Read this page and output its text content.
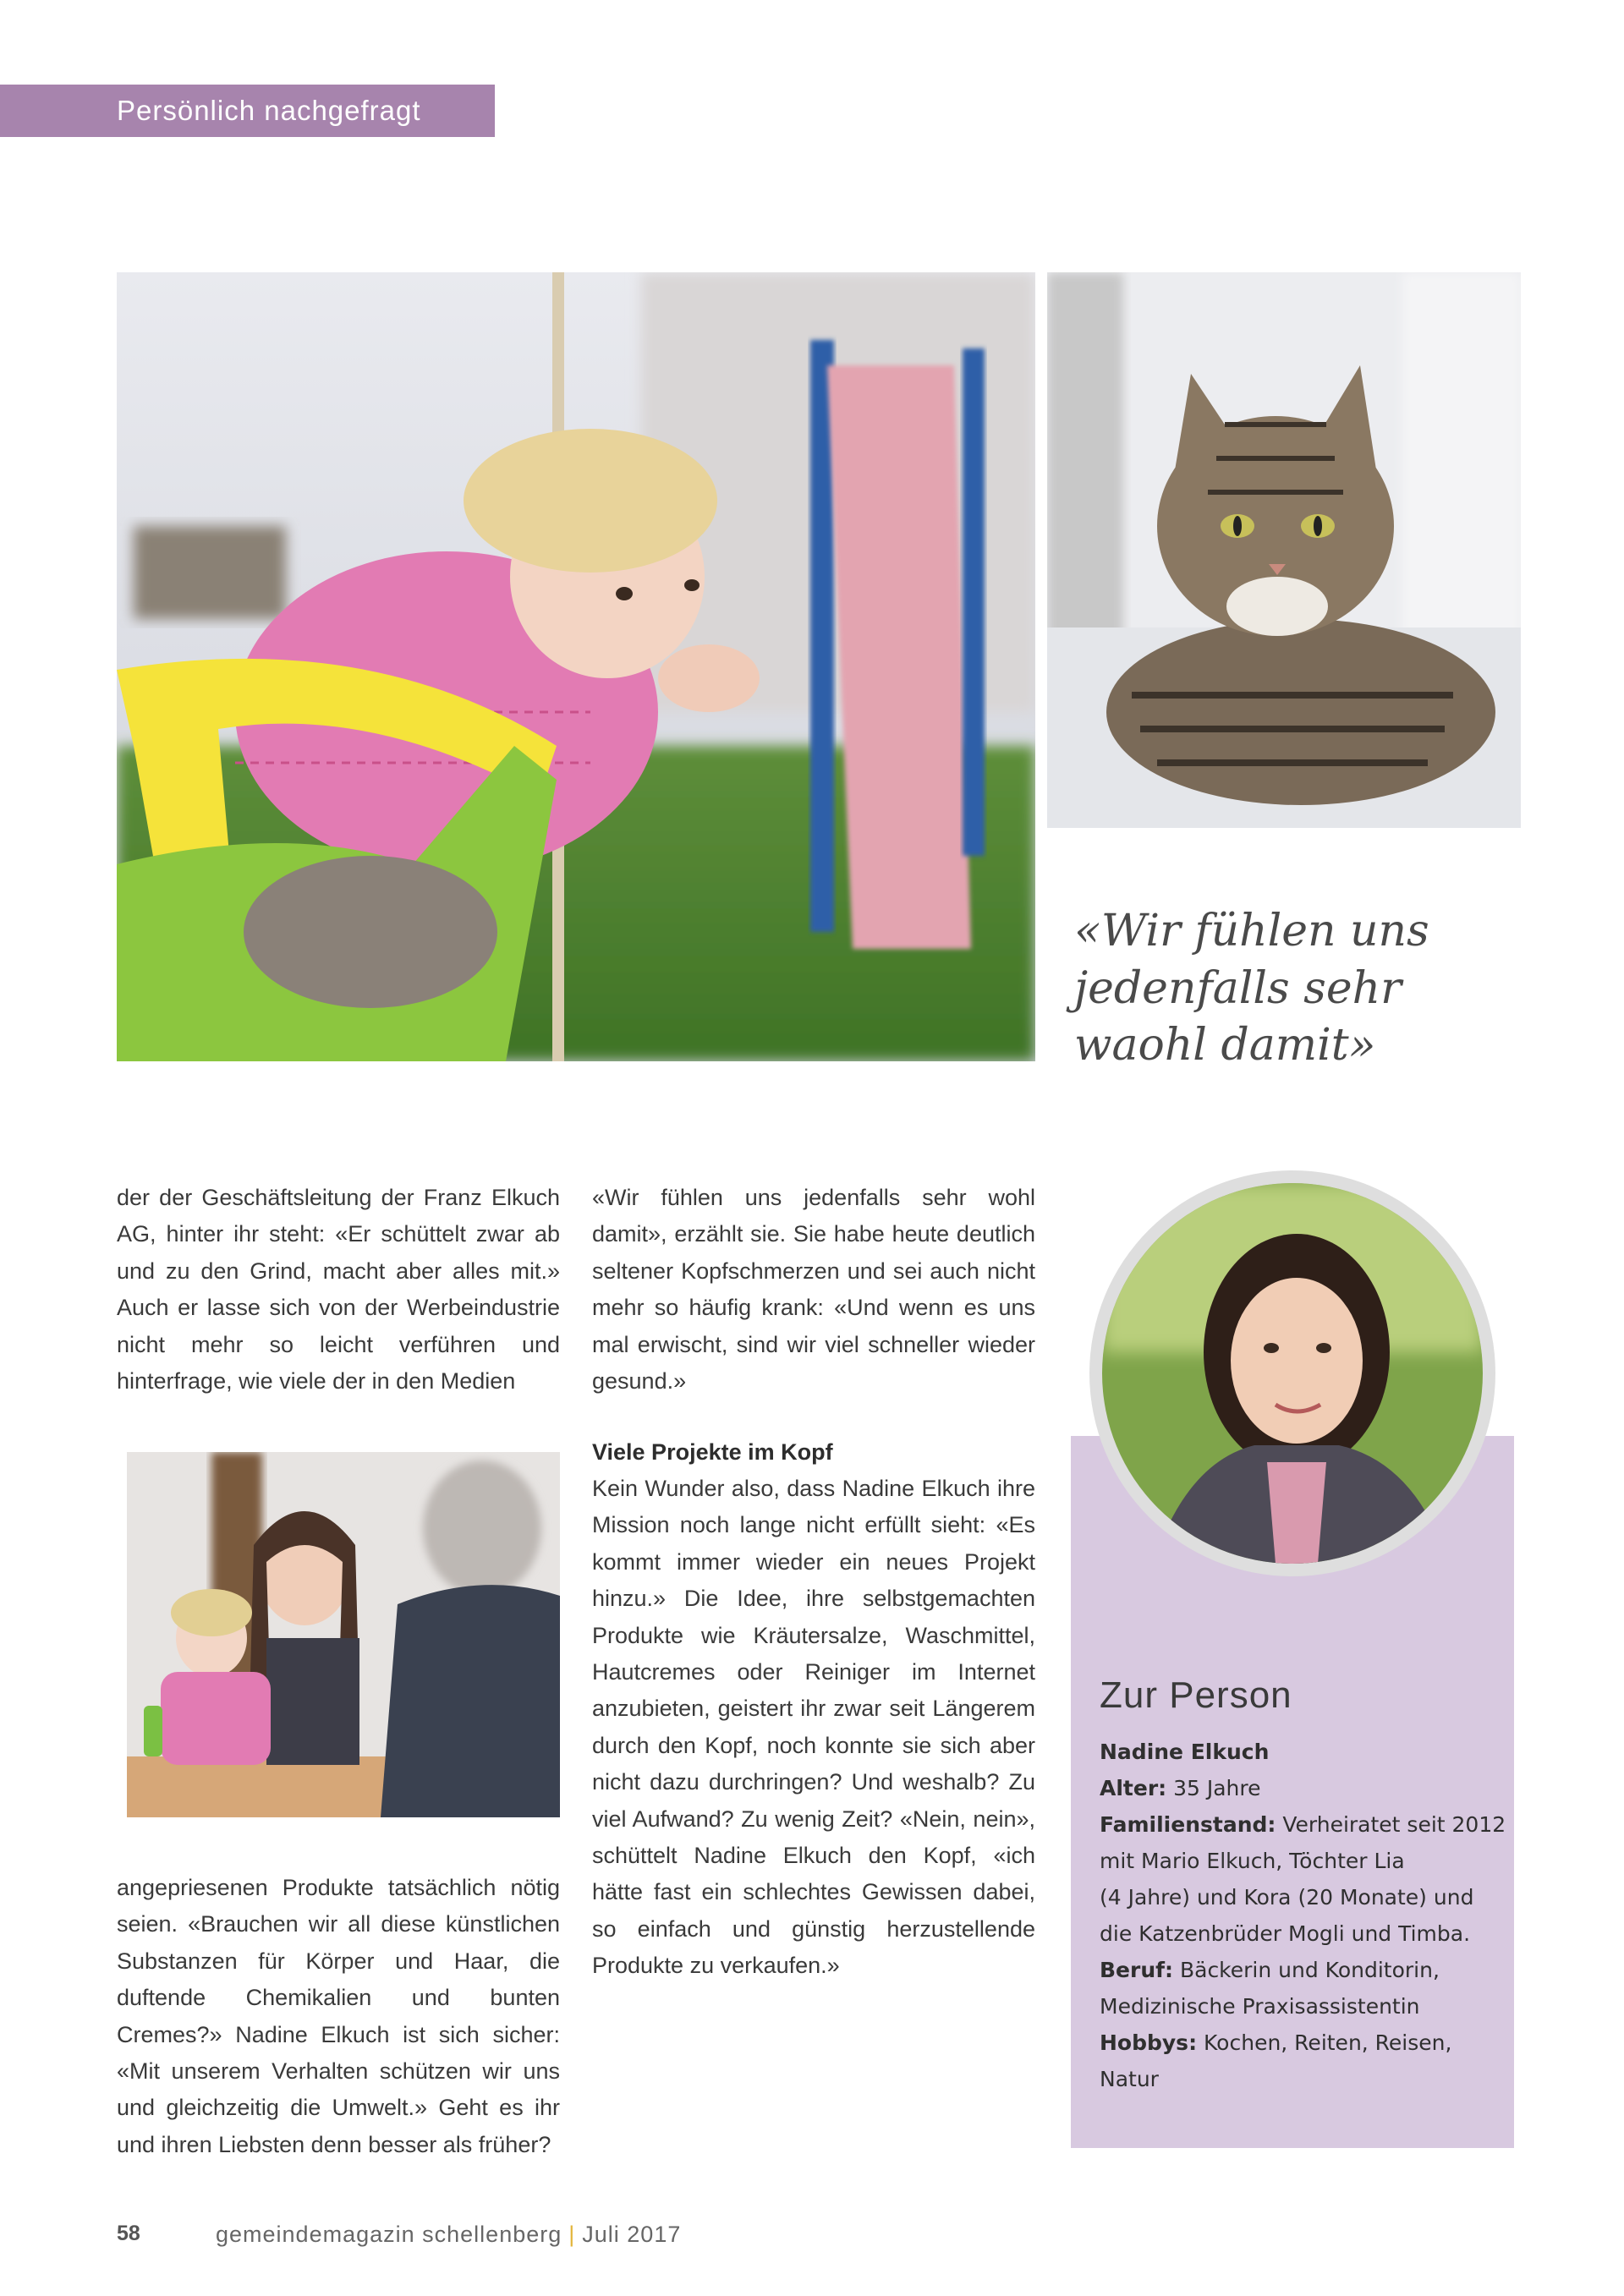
Persönlich nachgefragt
«Wir fühlen uns jedenfalls sehr waohl damit»
der der Geschäftsleitung der Franz Elkuch AG, hinter ihr steht: «Er schüttelt zwar ab und zu den Grind, macht aber alles mit.» Auch er lasse sich von der Werbeindustrie nicht mehr so leicht verführen und hinterfrage, wie viele der in den Medien
«Wir fühlen uns jedenfalls sehr wohl damit», erzählt sie. Sie habe heute deutlich seltener Kopfschmerzen und sei auch nicht mehr so häufig krank: «Und wenn es uns mal erwischt, sind wir viel schneller wieder gesund.»
Viele Projekte im Kopf
Kein Wunder also, dass Nadine Elkuch ihre Mission noch lange nicht erfüllt sieht: «Es kommt immer wieder ein neues Projekt hinzu.» Die Idee, ihre selbstgemachten Produkte wie Kräutersalze, Waschmittel, Hautcremes oder Reiniger im Internet anzubieten, geistert ihr zwar seit Längerem durch den Kopf, noch konnte sie sich aber nicht dazu durchringen? Und weshalb? Zu viel Aufwand? Zu wenig Zeit? «Nein, nein», schüttelt Nadine Elkuch den Kopf, «ich hätte fast ein schlechtes Gewissen dabei, so einfach und günstig herzustellende Produkte zu verkaufen.»
angepriesenen Produkte tatsächlich nötig seien. «Brauchen wir all diese künstlichen Substanzen für Körper und Haar, die duftende Chemikalien und bunten Cremes?» Nadine Elkuch ist sich sicher: «Mit unserem Verhalten schützen wir uns und gleichzeitig die Umwelt.» Geht es ihr und ihren Liebsten denn besser als früher?
Zur Person
Nadine Elkuch
Alter: 35 Jahre
Familienstand: Verheiratet seit 2012
mit Mario Elkuch, Töchter Lia
(4 Jahre) und Kora (20 Monate) und
die Katzenbrüder Mogli und Timba.
Beruf: Bäckerin und Konditorin,
Medizinische Praxisassistentin
Hobbys: Kochen, Reiten, Reisen,
Natur
58	gemeindemagazin schellenberg | Juli 2017
